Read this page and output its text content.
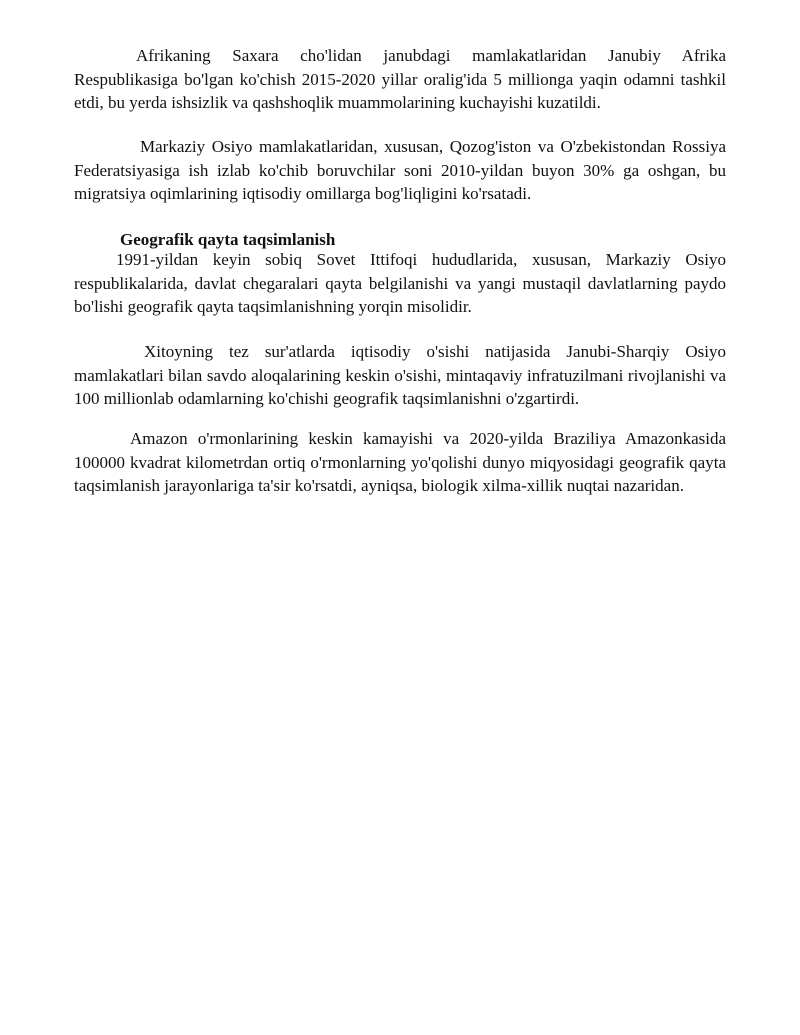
Afrikaning Saxara cho'lidan janubdagi mamlakatlaridan Janubiy Afrika Respublikasiga bo'lgan ko'chish 2015-2020 yillar oralig'ida 5 millionga yaqin odamni tashkil etdi, bu yerda ishsizlik va qashshoqlik muammolarining kuchayishi kuzatildi.

Markaziy Osiyo mamlakatlaridan, xususan, Qozog'iston va O'zbekistondan Rossiya Federatsiyasiga ish izlab ko'chib boruvchilar soni 2010-yildan buyon 30% ga oshgan, bu migratsiya oqimlarining iqtisodiy omillarga bog'liqligini ko'rsatadi.

Geografik qayta taqsimlanish

1991-yildan keyin sobiq Sovet Ittifoqi hududlarida, xususan, Markaziy Osiyo respublikalarida, davlat chegaralari qayta belgilanishi va yangi mustaqil davlatlarning paydo bo'lishi geografik qayta taqsimlanishning yorqin misolidir.

Xitoyning tez sur'atlarda iqtisodiy o'sishi natijasida Janubi-Sharqiy Osiyo mamlakatlari bilan savdo aloqalarining keskin o'sishi, mintaqaviy infratuzilmani rivojlanishi va 100 millionlab odamlarning ko'chishi geografik taqsimlanishni o'zgartirdi.

Amazon o'rmonlarining keskin kamayishi va 2020-yilda Braziliya Amazonkasida 100000 kvadrat kilometrdan ortiq o'rmonlarning yo'qolishi dunyo miqyosidagi geografik qayta taqsimlanish jarayonlariga ta'sir ko'rsatdi, ayniqsa, biologik xilma-xillik nuqtai nazaridan.
